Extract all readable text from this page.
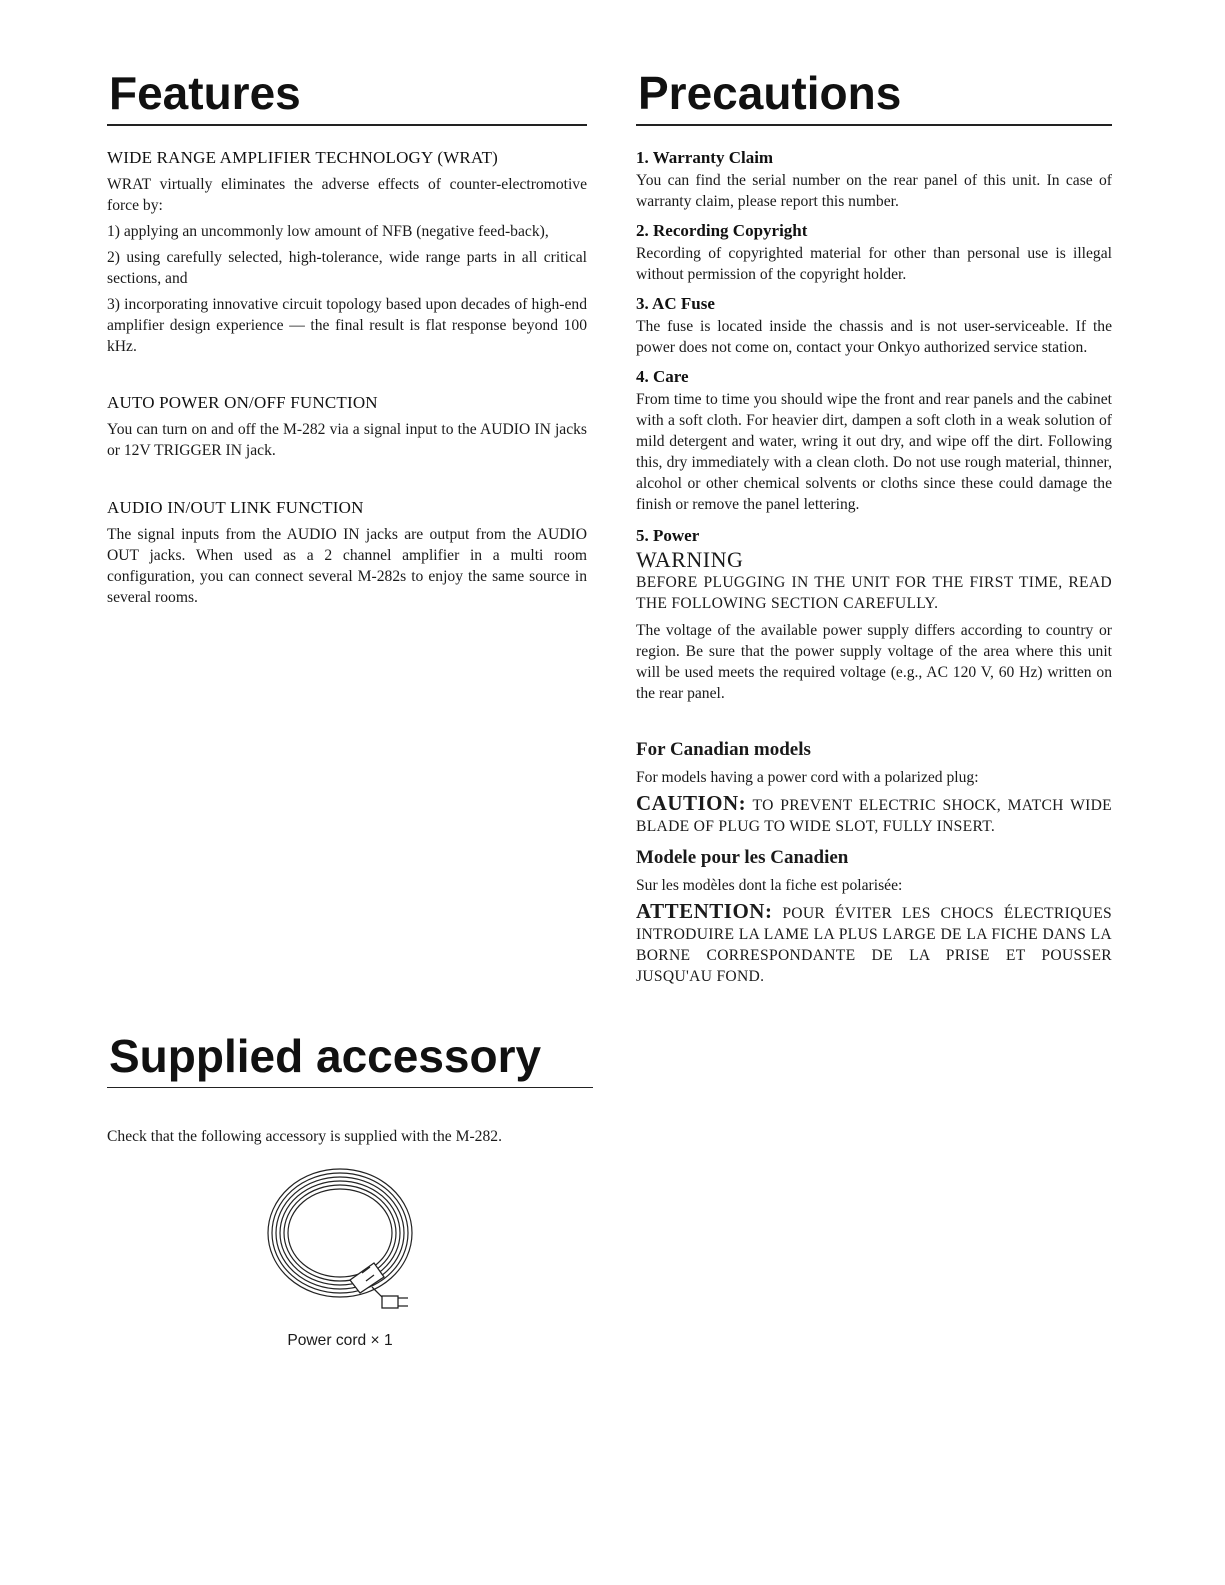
Features
WIDE RANGE AMPLIFIER TECHNOLOGY (WRAT)

WRAT virtually eliminates the adverse effects of counter-electromotive force by:

1) applying an uncommonly low amount of NFB (negative feed-back),

2) using carefully selected, high-tolerance, wide range parts in all critical sections, and

3) incorporating innovative circuit topology based upon decades of high-end amplifier design experience — the final result is flat response beyond 100 kHz.

AUTO POWER ON/OFF FUNCTION

You can turn on and off the M-282 via a signal input to the AUDIO IN jacks or 12V TRIGGER IN jack.

AUDIO IN/OUT LINK FUNCTION

The signal inputs from the AUDIO IN jacks are output from the AUDIO OUT jacks. When used as a 2 channel amplifier in a multi room configuration, you can connect several M-282s to enjoy the same source in several rooms.

Precautions
1. Warranty Claim

You can find the serial number on the rear panel of this unit. In case of warranty claim, please report this number.

2. Recording Copyright

Recording of copyrighted material for other than personal use is illegal without permission of the copyright holder.

3. AC Fuse

The fuse is located inside the chassis and is not user-serviceable. If the power does not come on, contact your Onkyo authorized service station.

4. Care

From time to time you should wipe the front and rear panels and the cabinet with a soft cloth. For heavier dirt, dampen a soft cloth in a weak solution of mild detergent and water, wring it out dry, and wipe off the dirt. Following this, dry immediately with a clean cloth. Do not use rough material, thinner, alcohol or other chemical solvents or cloths since these could damage the finish or remove the panel lettering.

5. Power
WARNING
BEFORE PLUGGING IN THE UNIT FOR THE FIRST TIME, READ THE FOLLOWING SECTION CAREFULLY.

The voltage of the available power supply differs according to country or region. Be sure that the power supply voltage of the area where this unit will be used meets the required voltage (e.g., AC 120 V, 60 Hz) written on the rear panel.

For Canadian models

For models having a power cord with a polarized plug:

CAUTION: TO PREVENT ELECTRIC SHOCK, MATCH WIDE BLADE OF PLUG TO WIDE SLOT, FULLY INSERT.
Modele pour les Canadien

Sur les modèles dont la fiche est polarisée:

ATTENTION: POUR ÉVITER LES CHOCS ÉLECTRIQUES INTRODUIRE LA LAME LA PLUS LARGE DE LA FICHE DANS LA BORNE CORRESPONDANTE DE LA PRISE ET POUSSER JUSQU'AU FOND.
Supplied accessory

Check that the following accessory is supplied with the M-282.

Power cord × 1
